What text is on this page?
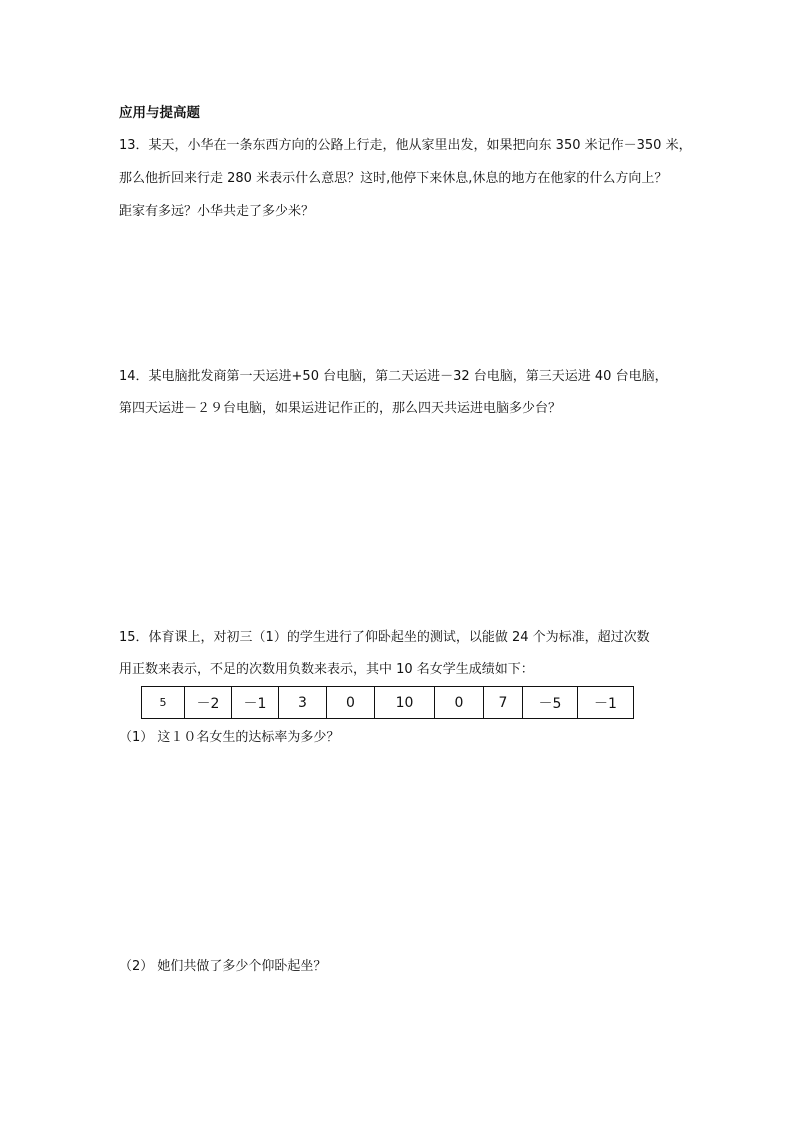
应用与提高题
13．某天，小华在一条东西方向的公路上行走，他从家里出发，如果把向东 350 米记作－350 米，
那么他折回来行走 280 米表示什么意思？这时,他停下来休息,休息的地方在他家的什么方向上？
距家有多远？小华共走了多少米？
14．某电脑批发商第一天运进+50 台电脑，第二天运进－32 台电脑，第三天运进 40 台电脑，
第四天运进－２９台电脑，如果运进记作正的，那么四天共运进电脑多少台？
15．体育课上，对初三（1）的学生进行了仰卧起坐的测试，以能做 24 个为标准，超过次数
用正数来表示，不足的次数用负数来表示，其中 10 名女学生成绩如下：
5	－2	－1	3	0	10	0	7	－5	－1
（1） 这１０名女生的达标率为多少？
（2） 她们共做了多少个仰卧起坐？
